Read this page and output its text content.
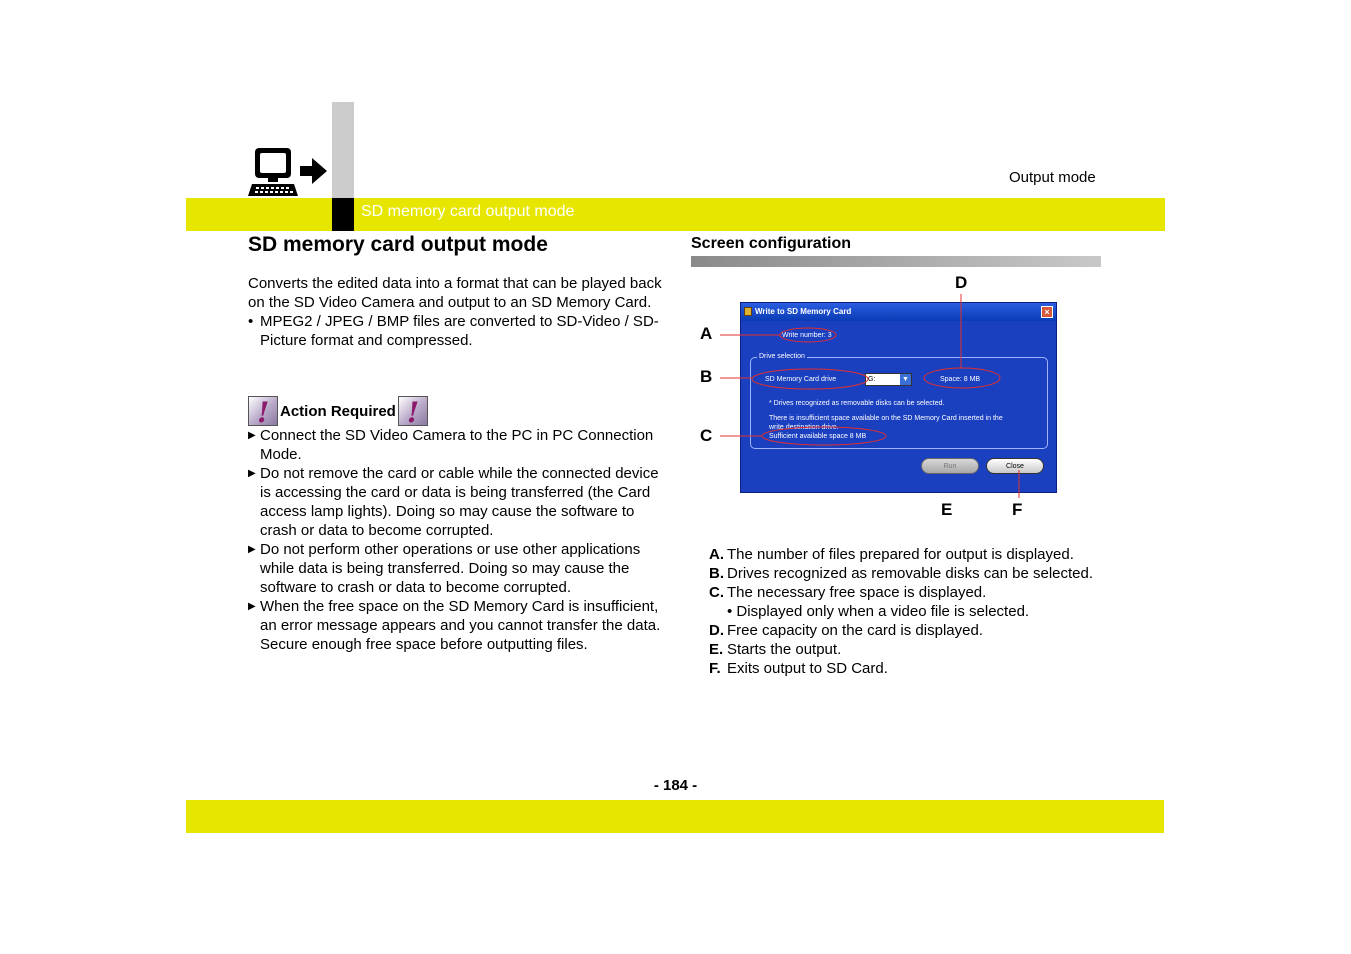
SD memory card output mode
Output mode
SD memory card output mode
Converts the edited data into a format that can be played back on the SD Video Camera and output to an SD Memory Card.
• MPEG2 / JPEG / BMP files are converted to SD-Video / SD-Picture format and compressed.
! Action Required !
▶ Connect the SD Video Camera to the PC in PC Connection Mode.
▶ Do not remove the card or cable while the connected device is accessing the card or data is being transferred (the Card access lamp lights). Doing so may cause the software to crash or data to become corrupted.
▶ Do not perform other operations or use other applications while data is being transferred. Doing so may cause the software to crash or data to become corrupted.
▶ When the free space on the SD Memory Card is insufficient, an error message appears and you cannot transfer the data. Secure enough free space before outputting files.
Screen configuration
Write to SD Memory Card	×
Write number: 3
Drive selection
SD Memory Card drive	G:	▼	Space: 8 MB
* Drives recognized as removable disks can be selected.
There is insufficient space available on the SD Memory Card inserted in the
write destination drive.
Sufficient available space 8 MB
Run	Close
A
B
C
D
E	F
A. The number of files prepared for output is displayed.
B. Drives recognized as removable disks can be selected.
C. The necessary free space is displayed.
• Displayed only when a video file is selected.
D. Free capacity on the card is displayed.
E. Starts the output.
F. Exits output to SD Card.
- 184 -
